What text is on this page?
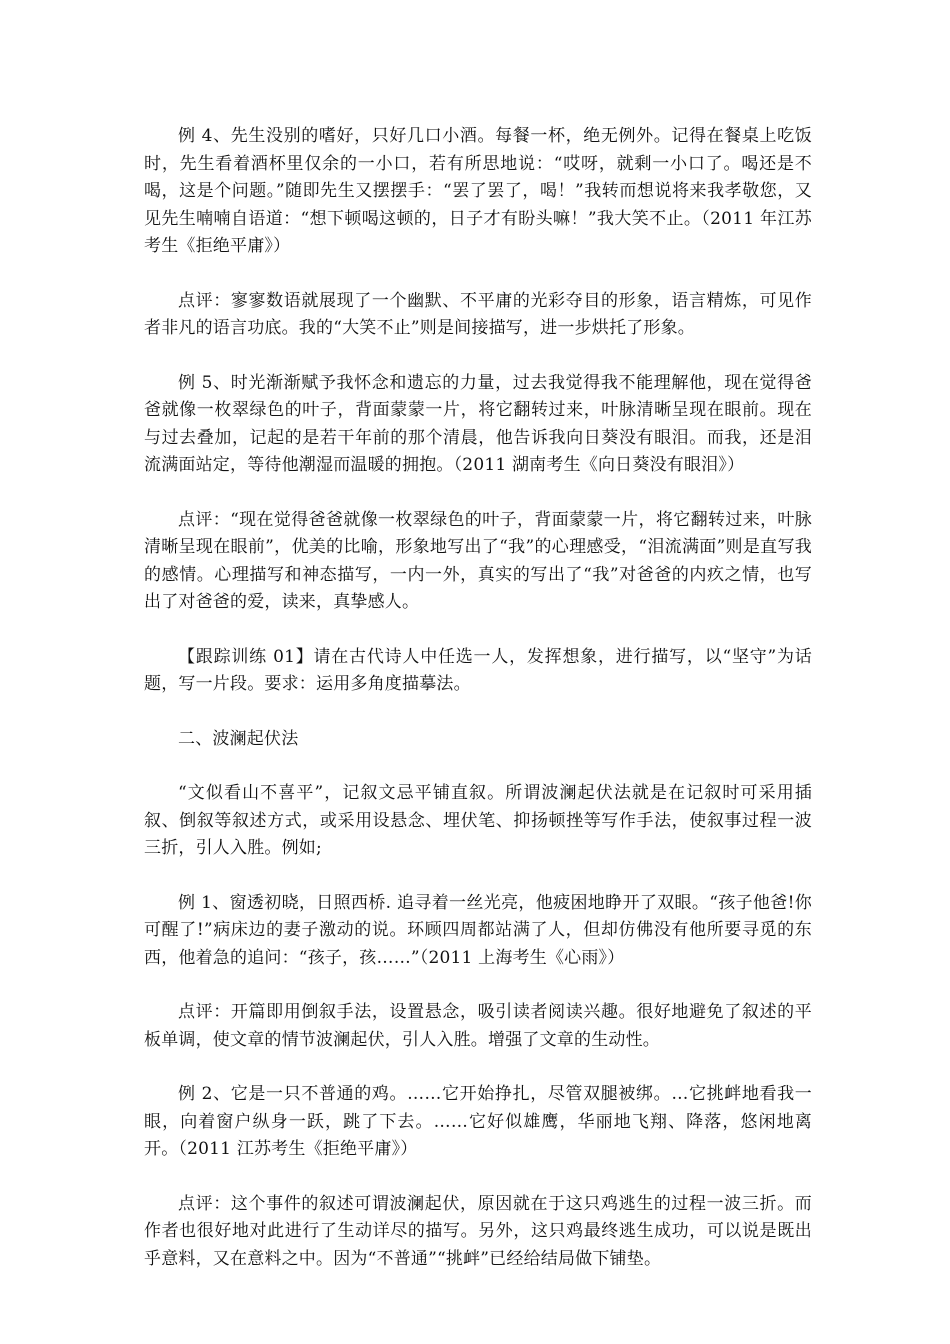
例 4、先生没别的嗜好，只好几口小酒。每餐一杯，绝无例外。记得在餐桌上吃饭时，先生看着酒杯里仅余的一小口，若有所思地说：“哎呀，就剩一小口了。喝还是不喝，这是个问题。”随即先生又摆摆手：“罢了罢了，喝！”我转而想说将来我孝敬您，又见先生喃喃自语道：“想下顿喝这顿的，日子才有盼头嘛！”我大笑不止。（2011 年江苏考生《拒绝平庸》）

点评：寥寥数语就展现了一个幽默、不平庸的光彩夺目的形象，语言精炼，可见作者非凡的语言功底。我的“大笑不止”则是间接描写，进一步烘托了形象。

例 5、时光渐渐赋予我怀念和遗忘的力量，过去我觉得我不能理解他，现在觉得爸爸就像一枚翠绿色的叶子，背面蒙蒙一片，将它翻转过来，叶脉清晰呈现在眼前。现在与过去叠加，记起的是若干年前的那个清晨，他告诉我向日葵没有眼泪。而我，还是泪流满面站定，等待他潮湿而温暖的拥抱。（2011 湖南考生《向日葵没有眼泪》）

点评：“现在觉得爸爸就像一枚翠绿色的叶子，背面蒙蒙一片，将它翻转过来，叶脉清晰呈现在眼前”，优美的比喻，形象地写出了“我”的心理感受，“泪流满面”则是直写我的感情。心理描写和神态描写，一内一外，真实的写出了“我”对爸爸的内疚之情，也写出了对爸爸的爱，读来，真挚感人。

【跟踪训练 01】请在古代诗人中任选一人，发挥想象，进行描写，以“坚守”为话题，写一片段。要求：运用多角度描摹法。

二、波澜起伏法

“文似看山不喜平”，记叙文忌平铺直叙。所谓波澜起伏法就是在记叙时可采用插叙、倒叙等叙述方式，或采用设悬念、埋伏笔、抑扬顿挫等写作手法，使叙事过程一波三折，引人入胜。例如;

例 1、窗透初晓，日照西桥. 追寻着一丝光亮，他疲困地睁开了双眼。“孩子他爸!你可醒了!”病床边的妻子激动的说。环顾四周都站满了人，但却仿佛没有他所要寻觅的东西，他着急的追问：“孩子，孩……”（2011 上海考生《心雨》）

点评：开篇即用倒叙手法，设置悬念，吸引读者阅读兴趣。很好地避免了叙述的平板单调，使文章的情节波澜起伏，引人入胜。增强了文章的生动性。

例 2、它是一只不普通的鸡。……它开始挣扎，尽管双腿被绑。…它挑衅地看我一眼，向着窗户纵身一跃，跳了下去。……它好似雄鹰，华丽地飞翔、降落，悠闲地离开。（2011 江苏考生《拒绝平庸》）

点评：这个事件的叙述可谓波澜起伏，原因就在于这只鸡逃生的过程一波三折。而作者也很好地对此进行了生动详尽的描写。另外，这只鸡最终逃生成功，可以说是既出乎意料，又在意料之中。因为“不普通”“挑衅”已经给结局做下铺垫。
